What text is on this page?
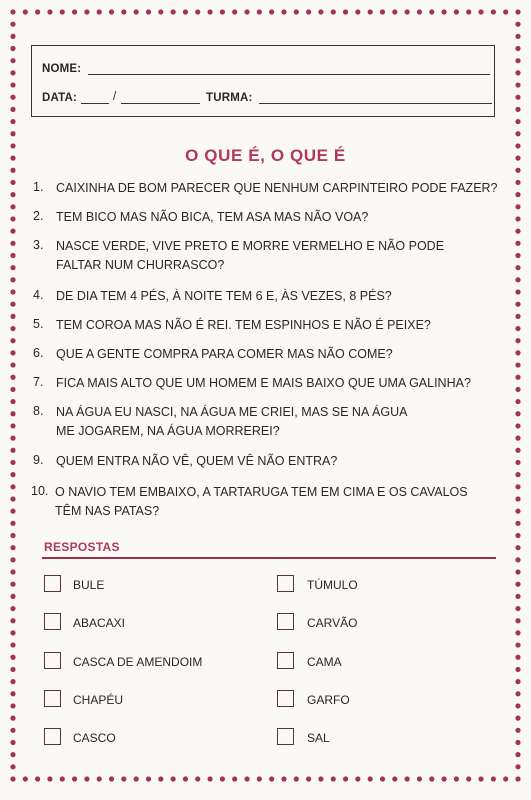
NOME:
DATA:	/	TURMA:
O QUE É, O QUE É
1. CAIXINHA DE BOM PARECER QUE NENHUM CARPINTEIRO PODE FAZER?
2. TEM BICO MAS NÃO BICA, TEM ASA MAS NÃO VOA?
3. NASCE VERDE, VIVE PRETO E MORRE VERMELHO E NÃO PODE
FALTAR NUM CHURRASCO?
4. DE DIA TEM 4 PÉS, À NOITE TEM 6 E, ÀS VEZES, 8 PÉS?
5. TEM COROA MAS NÃO É REI. TEM ESPINHOS E NÃO É PEIXE?
6. QUE A GENTE COMPRA PARA COMER MAS NÃO COME?
7. FICA MAIS ALTO QUE UM HOMEM E MAIS BAIXO QUE UMA GALINHA?
8. NA ÁGUA EU NASCI, NA ÁGUA ME CRIEI, MAS SE NA ÁGUA
ME JOGAREM, NA ÁGUA MORREREI?
9. QUEM ENTRA NÃO VÊ, QUEM VÊ NÃO ENTRA?
10. O NAVIO TEM EMBAIXO, A TARTARUGA TEM EM CIMA E OS CAVALOS
TÊM NAS PATAS?
RESPOSTAS
BULE
ABACAXI
CASCA DE AMENDOIM
CHAPÉU
CASCO
TÚMULO
CARVÃO
CAMA
GARFO
SAL
